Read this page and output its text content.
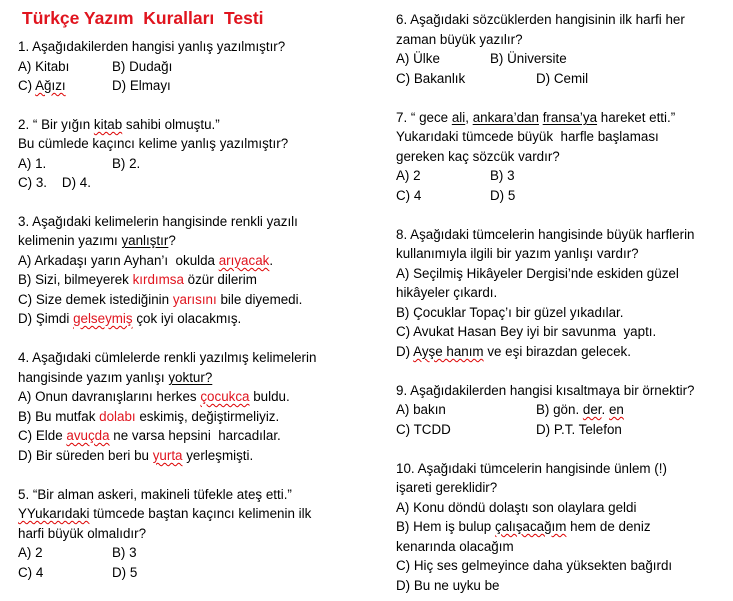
Türkçe Yazım  Kuralları  Testi
1. Aşağıdakilerden hangisi yanlış yazılmıştır?
A) Kitabı	B) Dudağı
C) Ağızı	D) Elmayı
2. “ Bir yığın kitab sahibi olmuştu.”
Bu cümlede kaçıncı kelime yanlış yazılmıştır?
A) 1.	B) 2.
C) 3.    D) 4.
3. Aşağıdaki kelimelerin hangisinde renkli yazılı
kelimenin yazımı yanlıştır?
A) Arkadaşı yarın Ayhan’ı  okulda arıyacak.
B) Sizi, bilmeyerek kırdımsa özür dilerim
C) Size demek istediğinin yarısını bile diyemedi.
D) Şimdi gelseymiş çok iyi olacakmış.
4. Aşağıdaki cümlelerde renkli yazılmış kelimelerin
hangisinde yazım yanlışı yoktur?
A) Onun davranışlarını herkes çocukca buldu.
B) Bu mutfak dolabı eskimiş, değiştirmeliyiz.
C) Elde avuçda ne varsa hepsini  harcadılar.
D) Bir süreden beri bu yurta yerleşmişti.
5. “Bir alman askeri, makineli tüfekle ateş etti.”
YYukarıdaki tümcede baştan kaçıncı kelimenin ilk
harfi büyük olmalıdır?
A) 2	B) 3
C) 4	D) 5
6. Aşağıdaki sözcüklerden hangisinin ilk harfi her
zaman büyük yazılır?
A) Ülke	B) Üniversite
C) Bakanlık	D) Cemil
7. “ gece ali, ankara’dan fransa’ya hareket etti.”
Yukarıdaki tümcede büyük  harfle başlaması
gereken kaç sözcük vardır?
A) 2	B) 3
C) 4	D) 5
8. Aşağıdaki tümcelerin hangisinde büyük harflerin
kullanımıyla ilgili bir yazım yanlışı vardır?
A) Seçilmiş Hikâyeler Dergisi’nde eskiden güzel
hikâyeler çıkardı.
B) Çocuklar Topaç’ı bir güzel yıkadılar.
C) Avukat Hasan Bey iyi bir savunma  yaptı.
D) Ayşe hanım ve eşi birazdan gelecek.
9. Aşağıdakilerden hangisi kısaltmaya bir örnektir?
A) bakın	B) gön. der. en
C) TCDD	D) P.T. Telefon
10. Aşağıdaki tümcelerin hangisinde ünlem (!)
işareti gereklidir?
A) Konu döndü dolaştı son olaylara geldi
B) Hem iş bulup çalışacağım hem de deniz
kenarında olacağım
C) Hiç ses gelmeyince daha yüksekten bağırdı
D) Bu ne uyku be
